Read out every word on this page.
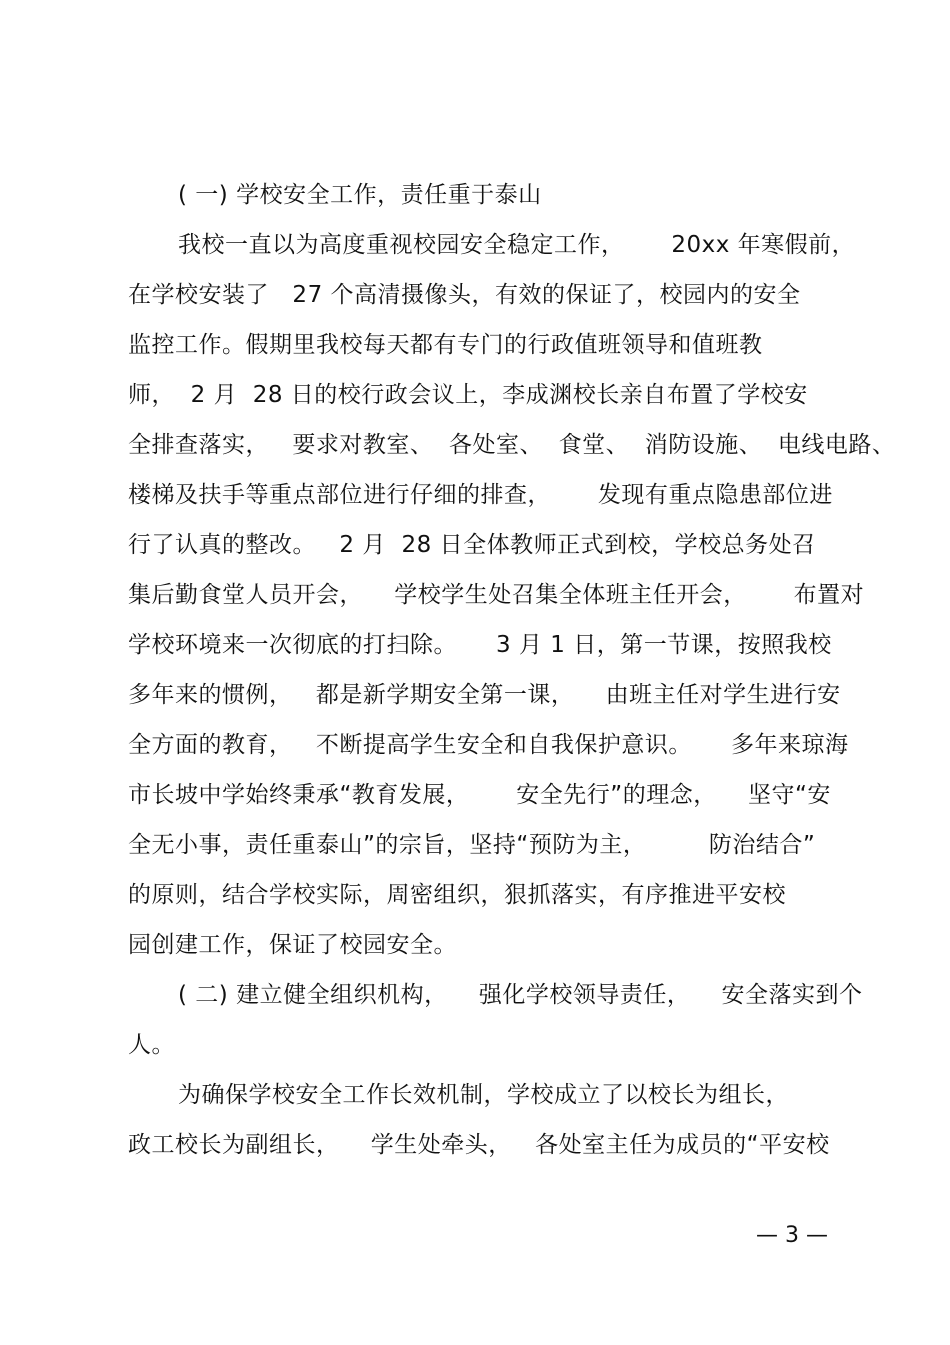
( 一) 学校安全工作，责任重于泰山
我校一直以为高度重视校园安全稳定工作，      20xx 年寒假前，
在学校安装了   27 个高清摄像头，有效的保证了，校园内的安全
监控工作。假期里我校每天都有专门的行政值班领导和值班教
师，  2 月  28 日的校行政会议上，李成渊校长亲自布置了学校安
全排查落实，   要求对教室、  各处室、  食堂、  消防设施、  电线电路、
楼梯及扶手等重点部位进行仔细的排查，      发现有重点隐患部位进
行了认真的整改。   2 月  28 日全体教师正式到校，学校总务处召
集后勤食堂人员开会，    学校学生处召集全体班主任开会，      布置对
学校环境来一次彻底的打扫除。     3 月 1 日，第一节课，按照我校
多年来的惯例，   都是新学期安全第一课，    由班主任对学生进行安
全方面的教育，   不断提高学生安全和自我保护意识。     多年来琼海
市长坡中学始终秉承“教育发展，      安全先行”的理念，    坚守“安
全无小事，责任重泰山”的宗旨，坚持“预防为主，        防治结合”
的原则，结合学校实际，周密组织，狠抓落实，有序推进平安校
园创建工作，保证了校园安全。
( 二) 建立健全组织机构，    强化学校领导责任，    安全落实到个
人。
为确保学校安全工作长效机制，学校成立了以校长为组长，
政工校长为副组长，    学生处牵头，   各处室主任为成员的“平安校
— 3 —
